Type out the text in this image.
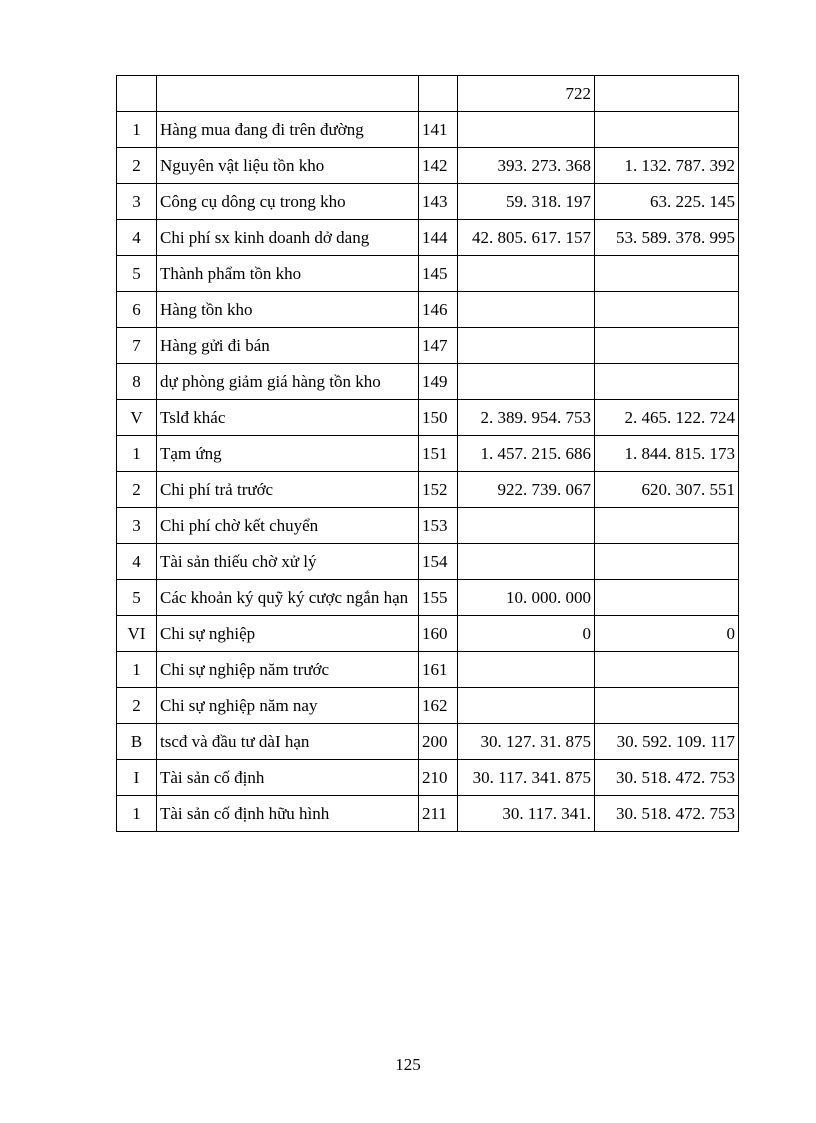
			722	
1	Hàng mua đang đi trên đường	141		
2	Nguyên vật liệu tồn kho	142	393. 273. 368	1. 132. 787. 392
3	Công cụ dông cụ trong kho	143	59. 318. 197	63. 225. 145
4	Chi phí sx kinh doanh dở dang	144	42. 805. 617. 157	53. 589. 378. 995
5	Thành phẩm tồn kho	145		
6	Hàng tồn kho	146		
7	Hàng gửi đi bán	147		
8	dự phòng giảm giá hàng tồn kho	149		
V	Tslđ khác	150	2. 389. 954. 753	2. 465. 122. 724
1	Tạm ứng	151	1. 457. 215. 686	1. 844. 815. 173
2	Chi phí trả trước	152	922. 739. 067	620. 307. 551
3	Chi phí chờ kết chuyển	153		
4	Tài sản thiếu chờ xử lý	154		
5	Các khoản ký quỹ ký cược ngắn hạn	155	10. 000. 000	
VI	Chi sự nghiệp	160	0	0
1	Chi sự nghiệp năm trước	161		
2	Chi sự nghiệp năm nay	162		
B	tscđ và đầu tư dàI hạn	200	30. 127. 31. 875	30. 592. 109. 117
I	Tài sản cố định	210	30. 117. 341. 875	30. 518. 472. 753
1	Tài sản cố định hữu hình	211	30. 117. 341.	30. 518. 472. 753
125
